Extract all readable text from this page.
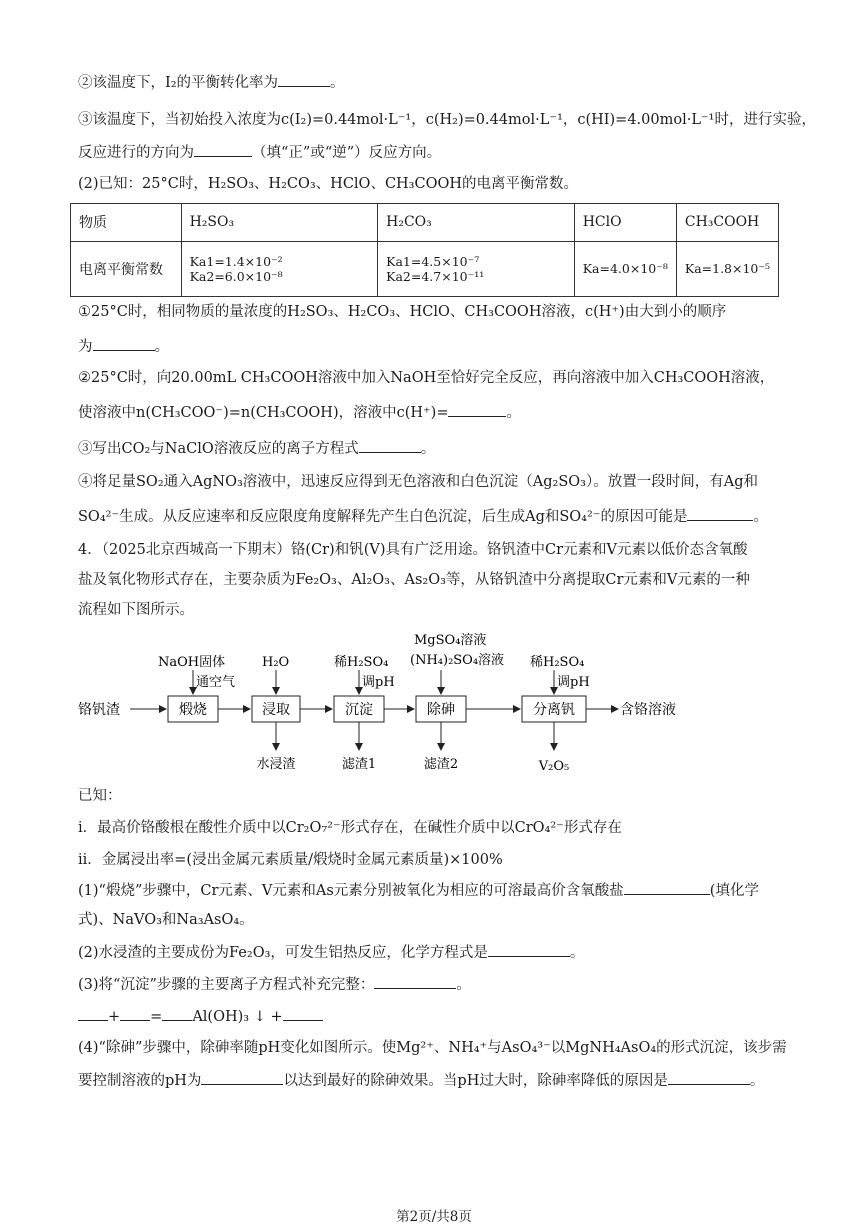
②该温度下，I₂的平衡转化率为	。
③该温度下，当初始投入浓度为c(I₂)=0.44mol·L⁻¹，c(H₂)=0.44mol·L⁻¹，c(HI)=4.00mol·L⁻¹时，进行实验，
反应进行的方向为	（填“正”或“逆”）反应方向。
(2)已知：25°C时，H₂SO₃、H₂CO₃、HClO、CH₃COOH的电离平衡常数。
物质	H₂SO₃	H₂CO₃	HClO	CH₃COOH
电离平衡常数	Ka1=1.4×10⁻² Ka2=6.0×10⁻⁸	Ka1=4.5×10⁻⁷ Ka2=4.7×10⁻¹¹	Ka=4.0×10⁻⁸	Ka=1.8×10⁻⁵
①25°C时，相同物质的量浓度的H₂SO₃、H₂CO₃、HClO、CH₃COOH溶液，c(H⁺)由大到小的顺序
为	。
②25°C时，向20.00mL CH₃COOH溶液中加入NaOH至恰好完全反应，再向溶液中加入CH₃COOH溶液，
使溶液中n(CH₃COO⁻)=n(CH₃COOH)，溶液中c(H⁺)=	。
③写出CO₂与NaClO溶液反应的离子方程式	。
④将足量SO₂通入AgNO₃溶液中，迅速反应得到无色溶液和白色沉淀（Ag₂SO₃）。放置一段时间，有Ag和
SO₄²⁻生成。从反应速率和反应限度角度解释先产生白色沉淀，后生成Ag和SO₄²⁻的原因可能是	。
4．（2025北京西城高一下期末）铬(Cr)和钒(V)具有广泛用途。铬钒渣中Cr元素和V元素以低价态含氧酸
盐及氧化物形式存在，主要杂质为Fe₂O₃、Al₂O₃、As₂O₃等，从铬钒渣中分离提取Cr元素和V元素的一种
流程如下图所示。
铬钒渣	煅烧	浸取	沉淀	除砷	分离钒	含铬溶液
NaOH固体
通空气
H₂O	稀H₂SO₄
调pH
MgSO₄溶液
(NH₄)₂SO₄溶液 稀H₂SO₄
调pH
水浸渣	滤渣1	滤渣2	V₂O₅
已知：
i．最高价铬酸根在酸性介质中以Cr₂O₇²⁻形式存在，在碱性介质中以CrO₄²⁻形式存在
ii．金属浸出率=(浸出金属元素质量/煅烧时金属元素质量)×100%
(1)“煅烧”步骤中，Cr元素、V元素和As元素分别被氧化为相应的可溶最高价含氧酸盐	(填化学
式)、NaVO₃和Na₃AsO₄。
(2)水浸渣的主要成份为Fe₂O₃，可发生铝热反应，化学方程式是	。
(3)将“沉淀”步骤的主要离子方程式补充完整：	。
+ = Al(OH)₃ ↓ +
(4)“除砷”步骤中，除砷率随pH变化如图所示。使Mg²⁺、NH₄⁺与AsO₄³⁻以MgNH₄AsO₄的形式沉淀，该步需
要控制溶液的pH为	以达到最好的除砷效果。当pH过大时，除砷率降低的原因是	。
第2页/共8页
